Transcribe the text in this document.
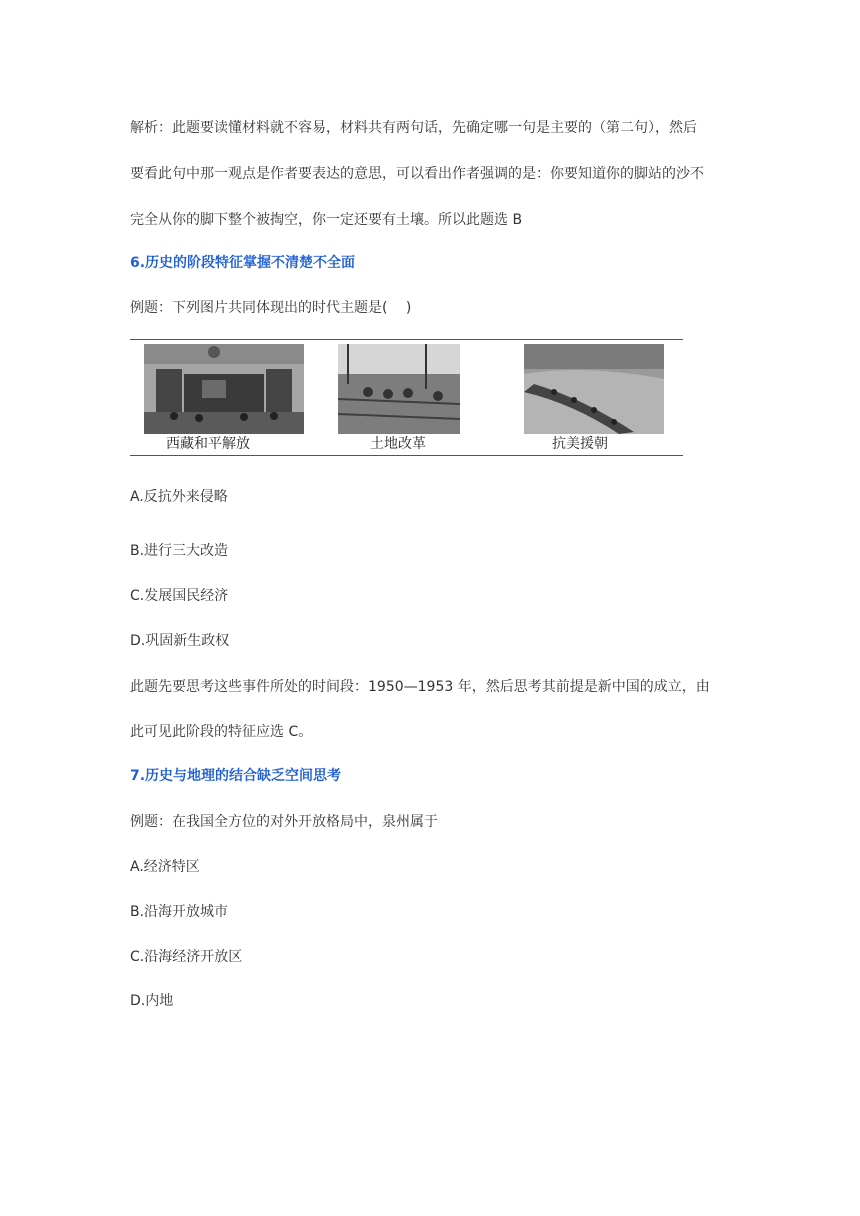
解析：此题要读懂材料就不容易，材料共有两句话，先确定哪一句是主要的（第二句），然后
要看此句中那一观点是作者要表达的意思，可以看出作者强调的是：你要知道你的脚站的沙不
完全从你的脚下整个被掏空，你一定还要有土壤。所以此题选 B
6.历史的阶段特征掌握不清楚不全面
例题：下列图片共同体现出的时代主题是(　 )
西藏和平解放	土地改革	抗美援朝
A.反抗外来侵略
B.进行三大改造
C.发展国民经济
D.巩固新生政权
此题先要思考这些事件所处的时间段：1950—1953 年，然后思考其前提是新中国的成立，由
此可见此阶段的特征应选 C。
7.历史与地理的结合缺乏空间思考
例题：在我国全方位的对外开放格局中，泉州属于
A.经济特区
B.沿海开放城市
C.沿海经济开放区
D.内地
